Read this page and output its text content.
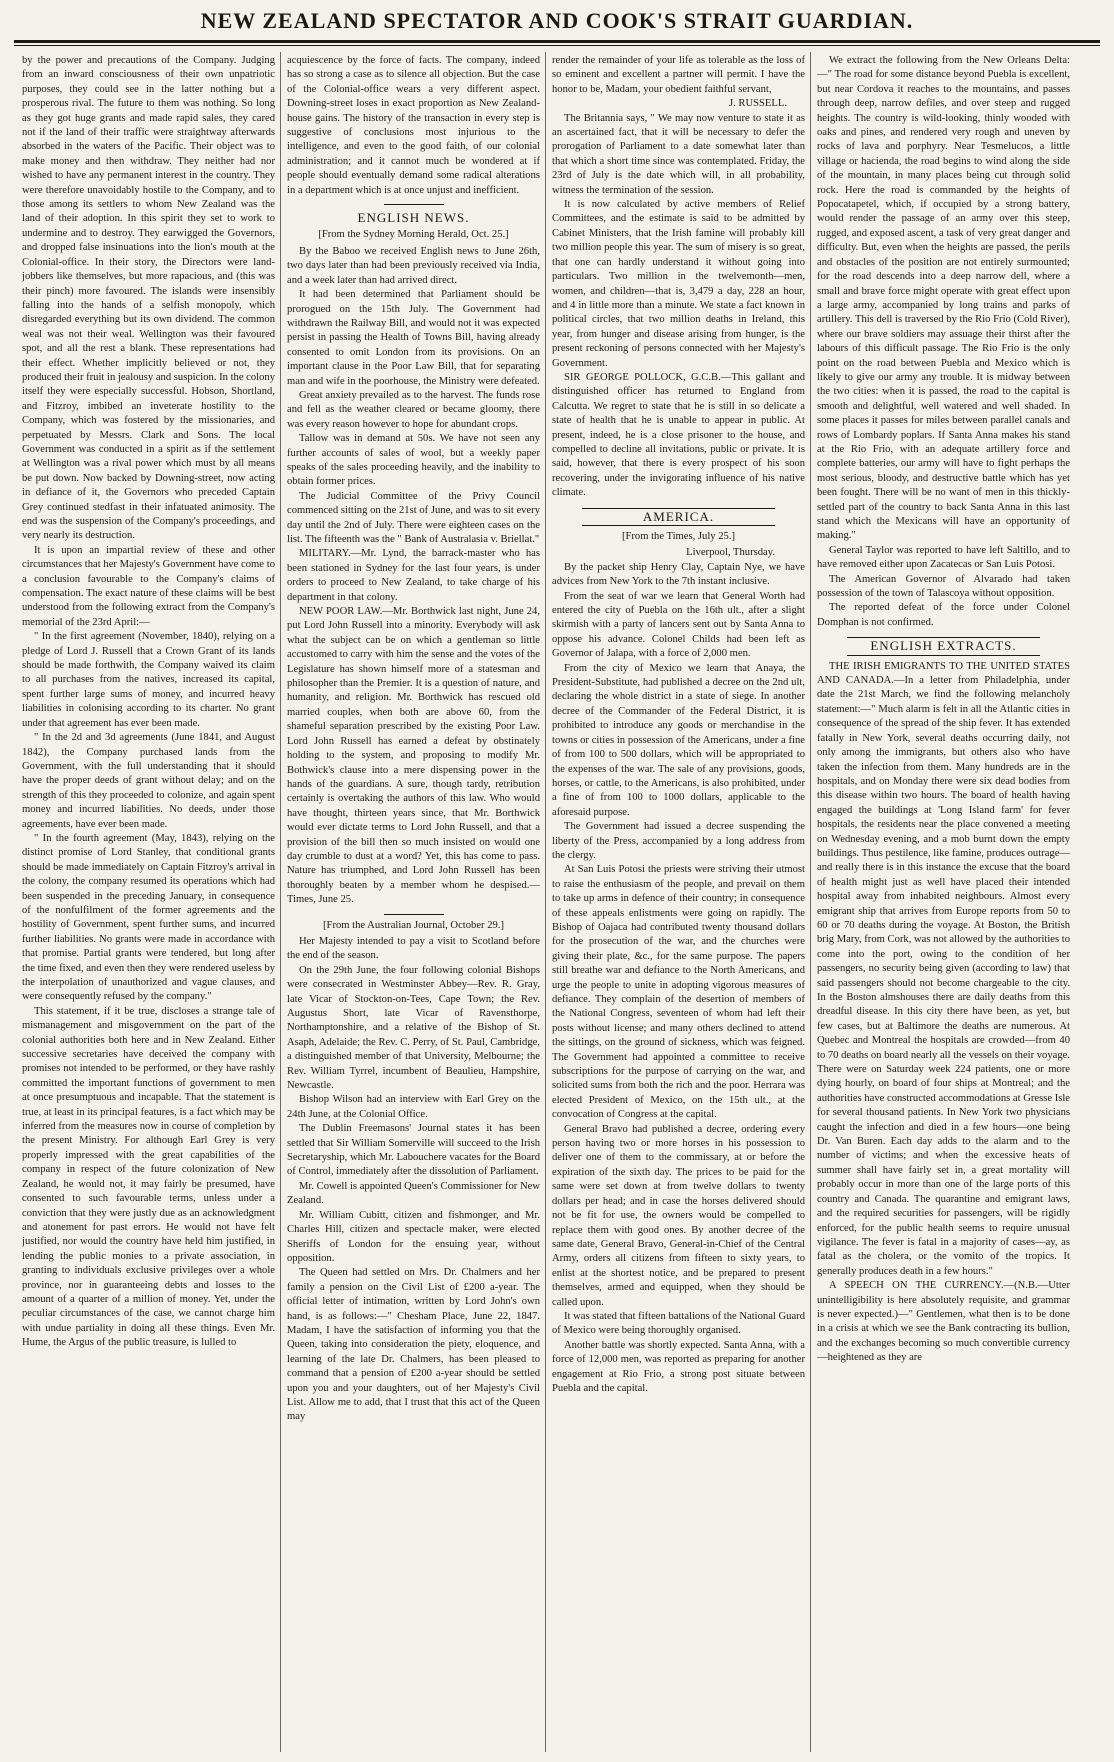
NEW ZEALAND SPECTATOR AND COOK'S STRAIT GUARDIAN.

by the power and precautions of the Company. Judging from an inward consciousness of their own unpatriotic purposes, they could see in the latter nothing but a prosperous rival. The future to them was nothing. So long as they got huge grants and made rapid sales, they cared not if the land of their traffic were straightway afterwards absorbed in the waters of the Pacific. Their object was to make money and then withdraw. They neither had nor wished to have any permanent interest in the country. They were therefore unavoidably hostile to the Company, and to those among its settlers to whom New Zealand was the land of their adoption. In this spirit they set to work to undermine and to destroy. They earwigged the Governors, and dropped false insinuations into the lion's mouth at the Colonial-office. In their story, the Directors were land-jobbers like themselves, but more rapacious, and (this was their pinch) more favoured. The islands were insensibly falling into the hands of a selfish monopoly, which disregarded everything but its own dividend. The common weal was not their weal. Wellington was their favoured spot, and all the rest a blank. These representations had their effect. Whether implicitly believed or not, they produced their fruit in jealousy and suspicion. In the colony itself they were especially successful. Hobson, Shortland, and Fitzroy, imbibed an inveterate hostility to the Company, which was fostered by the missionaries, and perpetuated by Messrs. Clark and Sons. The local Government was conducted in a spirit as if the settlement at Wellington was a rival power which must by all means be put down. Now backed by Downing-street, now acting in defiance of it, the Governors who preceded Captain Grey continued stedfast in their infatuated animosity. The end was the suspension of the Company's proceedings, and very nearly its destruction.

It is upon an impartial review of these and other circumstances that her Majesty's Government have come to a conclusion favourable to the Company's claims of compensation. The exact nature of these claims will be best understood from the following extract from the Company's memorial of the 23rd April:—

" In the first agreement (November, 1840), relying on a pledge of Lord J. Russell that a Crown Grant of its lands should be made forthwith, the Company waived its claim to all purchases from the natives, increased its capital, spent further large sums of money, and incurred heavy liabilities in colonising according to its charter. No grant under that agreement has ever been made.

" In the 2d and 3d agreements (June 1841, and August 1842), the Company purchased lands from the Government, with the full understanding that it should have the proper deeds of grant without delay; and on the strength of this they proceeded to colonize, and again spent money and incurred liabilities. No deeds, under those agreements, have ever been made.

" In the fourth agreement (May, 1843), relying on the distinct promise of Lord Stanley, that conditional grants should be made immediately on Captain Fitzroy's arrival in the colony, the company resumed its operations which had been suspended in the preceding January, in consequence of the nonfulfilment of the former agreements and the hostility of Government, spent further sums, and incurred further liabilities. No grants were made in accordance with that promise. Partial grants were tendered, but long after the time fixed, and even then they were rendered useless by the interpolation of unauthorized and vague clauses, and were consequently refused by the company."

This statement, if it be true, discloses a strange tale of mismanagement and misgovernment on the part of the colonial authorities both here and in New Zealand. Either successive secretaries have deceived the company with promises not intended to be performed, or they have rashly committed the important functions of government to men at once presumptuous and incapable. That the statement is true, at least in its principal features, is a fact which may be inferred from the measures now in course of completion by the present Ministry. For although Earl Grey is very properly impressed with the great capabilities of the company in respect of the future colonization of New Zealand, he would not, it may fairly be presumed, have consented to such favourable terms, unless under a conviction that they were justly due as an acknowledgment and atonement for past errors. He would not have felt justified, nor would the country have held him justified, in lending the public monies to a private association, in granting to individuals exclusive privileges over a whole province, nor in guaranteeing debts and losses to the amount of a quarter of a million of money. Yet, under the peculiar circumstances of the case, we cannot charge him with undue partiality in doing all these things. Even Mr. Hume, the Argus of the public treasure, is lulled to

acquiescence by the force of facts. The company, indeed has so strong a case as to silence all objection. But the case of the Colonial-office wears a very different aspect. Downing-street loses in exact proportion as New Zealand-house gains. The history of the transaction in every step is suggestive of conclusions most injurious to the intelligence, and even to the good faith, of our colonial administration; and it cannot much be wondered at if people should eventually demand some radical alterations in a department which is at once unjust and inefficient.

ENGLISH NEWS.

[From the Sydney Morning Herald, Oct. 25.]

By the Baboo we received English news to June 26th, two days later than had been previously received via India, and a week later than had arrived direct.

It had been determined that Parliament should be prorogued on the 15th July. The Government had withdrawn the Railway Bill, and would not it was expected persist in passing the Health of Towns Bill, having already consented to omit London from its provisions. On an important clause in the Poor Law Bill, that for separating man and wife in the poorhouse, the Ministry were defeated.

Great anxiety prevailed as to the harvest. The funds rose and fell as the weather cleared or became gloomy, there was every reason however to hope for abundant crops.

Tallow was in demand at 50s. We have not seen any further accounts of sales of wool, but a weekly paper speaks of the sales proceeding heavily, and the inability to obtain former prices.

The Judicial Committee of the Privy Council commenced sitting on the 21st of June, and was to sit every day until the 2nd of July. There were eighteen cases on the list. The fifteenth was the " Bank of Australasia v. Briellat."

MILITARY.—Mr. Lynd, the barrack-master who has been stationed in Sydney for the last four years, is under orders to proceed to New Zealand, to take charge of his department in that colony.

NEW POOR LAW.—Mr. Borthwick last night, June 24, put Lord John Russell into a minority. Everybody will ask what the subject can be on which a gentleman so little accustomed to carry with him the sense and the votes of the Legislature has shown himself more of a statesman and philosopher than the Premier. It is a question of nature, and humanity, and religion. Mr. Borthwick has rescued old married couples, when both are above 60, from the shameful separation prescribed by the existing Poor Law. Lord John Russell has earned a defeat by obstinately holding to the system, and proposing to modify Mr. Bothwick's clause into a mere dispensing power in the hands of the guardians. A sure, though tardy, retribution certainly is overtaking the authors of this law. Who would have thought, thirteen years since, that Mr. Borthwick would ever dictate terms to Lord John Russell, and that a provision of the bill then so much insisted on would one day crumble to dust at a word? Yet, this has come to pass. Nature has triumphed, and Lord John Russell has been thoroughly beaten by a member whom he despised.—Times, June 25.

[From the Australian Journal, October 29.]

Her Majesty intended to pay a visit to Scotland before the end of the season.

On the 29th June, the four following colonial Bishops were consecrated in Westminster Abbey—Rev. R. Gray, late Vicar of Stockton-on-Tees, Cape Town; the Rev. Augustus Short, late Vicar of Ravensthorpe, Northamptonshire, and a relative of the Bishop of St. Asaph, Adelaide; the Rev. C. Perry, of St. Paul, Cambridge, a distinguished member of that University, Melbourne; the Rev. William Tyrrel, incumbent of Beaulieu, Hampshire, Newcastle.

Bishop Wilson had an interview with Earl Grey on the 24th June, at the Colonial Office.

The Dublin Freemasons' Journal states it has been settled that Sir William Somerville will succeed to the Irish Secretaryship, which Mr. Labouchere vacates for the Board of Control, immediately after the dissolution of Parliament.

Mr. Cowell is appointed Queen's Commissioner for New Zealand.

Mr. William Cubitt, citizen and fishmonger, and Mr. Charles Hill, citizen and spectacle maker, were elected Sheriffs of London for the ensuing year, without opposition.

The Queen had settled on Mrs. Dr. Chalmers and her family a pension on the Civil List of £200 a-year. The official letter of intimation, written by Lord John's own hand, is as follows:—" Chesham Place, June 22, 1847. Madam, I have the satisfaction of informing you that the Queen, taking into consideration the piety, eloquence, and learning of the late Dr. Chalmers, has been pleased to command that a pension of £200 a-year should be settled upon you and your daughters, out of her Majesty's Civil List. Allow me to add, that I trust that this act of the Queen may

render the remainder of your life as tolerable as the loss of so eminent and excellent a partner will permit. I have the honor to be, Madam, your obedient faithful servant,

J. RUSSELL.

The Britannia says, " We may now venture to state it as an ascertained fact, that it will be necessary to defer the prorogation of Parliament to a date somewhat later than that which a short time since was contemplated. Friday, the 23rd of July is the date which will, in all probability, witness the termination of the session.

It is now calculated by active members of Relief Committees, and the estimate is said to be admitted by Cabinet Ministers, that the Irish famine will probably kill two million people this year. The sum of misery is so great, that one can hardly understand it without going into particulars. Two million in the twelvemonth—men, women, and children—that is, 3,479 a day, 228 an hour, and 4 in little more than a minute. We state a fact known in political circles, that two million deaths in Ireland, this year, from hunger and disease arising from hunger, is the present reckoning of persons connected with her Majesty's Government.

SIR GEORGE POLLOCK, G.C.B.—This gallant and distinguished officer has returned to England from Calcutta. We regret to state that he is still in so delicate a state of health that he is unable to appear in public. At present, indeed, he is a close prisoner to the house, and compelled to decline all invitations, public or private. It is said, however, that there is every prospect of his soon recovering, under the invigorating influence of his native climate.

AMERICA.

[From the Times, July 25.]

Liverpool, Thursday.

By the packet ship Henry Clay, Captain Nye, we have advices from New York to the 7th instant inclusive.

From the seat of war we learn that General Worth had entered the city of Puebla on the 16th ult., after a slight skirmish with a party of lancers sent out by Santa Anna to oppose his advance. Colonel Childs had been left as Governor of Jalapa, with a force of 2,000 men.

From the city of Mexico we learn that Anaya, the President-Substitute, had published a decree on the 2nd ult, declaring the whole district in a state of siege. In another decree of the Commander of the Federal District, it is prohibited to introduce any goods or merchandise in the towns or cities in possession of the Americans, under a fine of from 100 to 500 dollars, which will be appropriated to the expenses of the war. The sale of any provisions, goods, horses, or cattle, to the Americans, is also prohibited, under a fine of from 100 to 1000 dollars, applicable to the aforesaid purpose.

The Government had issued a decree suspending the liberty of the Press, accompanied by a long address from the clergy.

At San Luis Potosi the priests were striving their utmost to raise the enthusiasm of the people, and prevail on them to take up arms in defence of their country; in consequence of these appeals enlistments were going on rapidly. The Bishop of Oajaca had contributed twenty thousand dollars for the prosecution of the war, and the churches were giving their plate, &c., for the same purpose. The papers still breathe war and defiance to the North Americans, and urge the people to unite in adopting vigorous measures of defiance. They complain of the desertion of members of the National Congress, seventeen of whom had left their posts without license; and many others declined to attend the sittings, on the ground of sickness, which was feigned. The Government had appointed a committee to receive subscriptions for the purpose of carrying on the war, and solicited sums from both the rich and the poor. Herrara was elected President of Mexico, on the 15th ult., at the convocation of Congress at the capital.

General Bravo had published a decree, ordering every person having two or more horses in his possession to deliver one of them to the commissary, at or before the expiration of the sixth day. The prices to be paid for the same were set down at from twelve dollars to twenty dollars per head; and in case the horses delivered should not be fit for use, the owners would be compelled to replace them with good ones. By another decree of the same date, General Bravo, General-in-Chief of the Central Army, orders all citizens from fifteen to sixty years, to enlist at the shortest notice, and be prepared to present themselves, armed and equipped, when they should be called upon.

It was stated that fifteen battalions of the National Guard of Mexico were being thoroughly organised.

Another battle was shortly expected. Santa Anna, with a force of 12,000 men, was reported as preparing for another engagement at Rio Frio, a strong post situate between Puebla and the capital.

We extract the following from the New Orleans Delta:—" The road for some distance beyond Puebla is excellent, but near Cordova it reaches to the mountains, and passes through deep, narrow defiles, and over steep and rugged heights. The country is wild-looking, thinly wooded with oaks and pines, and rendered very rough and uneven by rocks of lava and porphyry. Near Tesmelucos, a little village or hacienda, the road begins to wind along the side of the mountain, in many places being cut through solid rock. Here the road is commanded by the heights of Popocatapetel, which, if occupied by a strong battery, would render the passage of an army over this steep, rugged, and exposed ascent, a task of very great danger and difficulty. But, even when the heights are passed, the perils and obstacles of the position are not entirely surmounted; for the road descends into a deep narrow dell, where a small and brave force might operate with great effect upon a large army, accompanied by long trains and parks of artillery. This dell is traversed by the Rio Frio (Cold River), where our brave soldiers may assuage their thirst after the labours of this difficult passage. The Rio Frio is the only point on the road between Puebla and Mexico which is likely to give our army any trouble. It is midway between the two cities: when it is passed, the road to the capital is smooth and delightful, well watered and well shaded. In some places it passes for miles between parallel canals and rows of Lombardy poplars. If Santa Anna makes his stand at the Rio Frio, with an adequate artillery force and complete batteries, our army will have to fight perhaps the most serious, bloody, and destructive battle which has yet been fought. There will be no want of men in this thickly-settled part of the country to back Santa Anna in this last stand which the Mexicans will have an opportunity of making."

General Taylor was reported to have left Saltillo, and to have removed either upon Zacatecas or San Luis Potosi.

The American Governor of Alvarado had taken possession of the town of Talascoya without opposition.

The reported defeat of the force under Colonel Domphan is not confirmed.

ENGLISH EXTRACTS.

THE IRISH EMIGRANTS TO THE UNITED STATES AND CANADA.—In a letter from Philadelphia, under date the 21st March, we find the following melancholy statement:—" Much alarm is felt in all the Atlantic cities in consequence of the spread of the ship fever. It has extended fatally in New York, several deaths occurring daily, not only among the immigrants, but others also who have taken the infection from them. Many hundreds are in the hospitals, and on Monday there were six dead bodies from this disease within two hours. The board of health having engaged the buildings at 'Long Island farm' for fever hospitals, the residents near the place convened a meeting on Wednesday evening, and a mob burnt down the empty buildings. Thus pestilence, like famine, produces outrage—and really there is in this instance the excuse that the board of health might just as well have placed their intended hospital away from inhabited neighbours. Almost every emigrant ship that arrives from Europe reports from 50 to 60 or 70 deaths during the voyage. At Boston, the British brig Mary, from Cork, was not allowed by the authorities to come into the port, owing to the condition of her passengers, no security being given (according to law) that said passengers should not become chargeable to the city. In the Boston almshouses there are daily deaths from this dreadful disease. In this city there have been, as yet, but few cases, but at Baltimore the deaths are numerous. At Quebec and Montreal the hospitals are crowded—from 40 to 70 deaths on board nearly all the vessels on their voyage. There were on Saturday week 224 patients, one or more dying hourly, on board of four ships at Montreal; and the authorities have constructed accommodations at Gresse Isle for several thousand patients. In New York two physicians caught the infection and died in a few hours—one being Dr. Van Buren. Each day adds to the alarm and to the number of victims; and when the excessive heats of summer shall have fairly set in, a great mortality will probably occur in more than one of the large ports of this country and Canada. The quarantine and emigrant laws, and the required securities for passengers, will be rigidly enforced, for the public health seems to require unusual vigilance. The fever is fatal in a majority of cases—ay, as fatal as the cholera, or the vomito of the tropics. It generally produces death in a few hours."

A SPEECH ON THE CURRENCY.—(N.B.—Utter unintelligibility is here absolutely requisite, and grammar is never expected.)—" Gentlemen, what then is to be done in a crisis at which we see the Bank contracting its bullion, and the exchanges becoming so much convertible currency—heightened as they are
